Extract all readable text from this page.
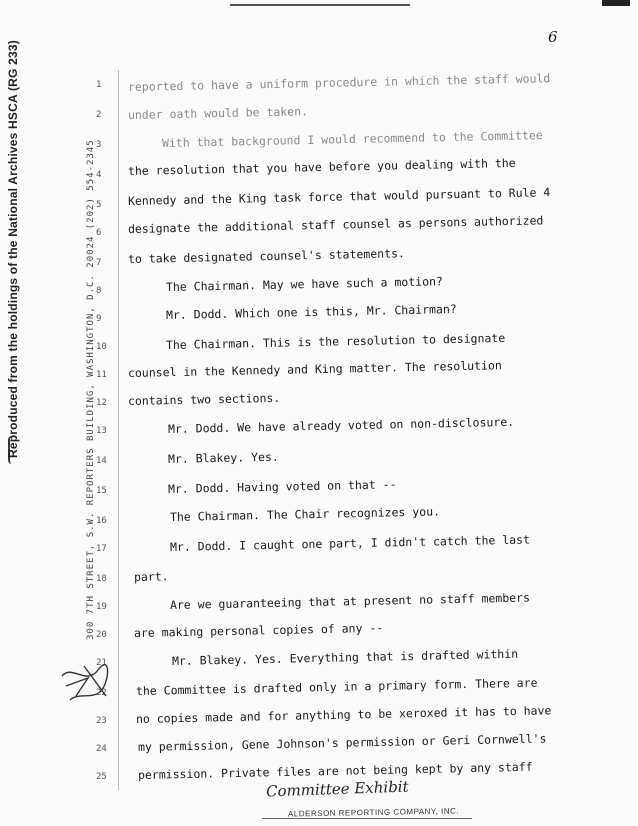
6
Reproduced from the holdings of the National Archives HSCA (RG 233)	300 7TH STREET, S.W. REPORTERS BUILDING, WASHINGTON, D.C. 20024 (202) 554-2345
1
2
3
4
5
6
7
8
9
10
11
12
13
14
15
16
17
18
19
20
21
22
23
24
25
reported to have a uniform procedure in which the staff would
under oath would be taken.
With that background I would recommend to the Committee
the resolution that you have before you dealing with the
Kennedy and the King task force that would pursuant to Rule 4
designate the additional staff counsel as persons authorized
to take designated counsel's statements.
The Chairman. May we have such a motion?
Mr. Dodd. Which one is this, Mr. Chairman?
The Chairman. This is the resolution to designate
counsel in the Kennedy and King matter. The resolution
contains two sections.
Mr. Dodd. We have already voted on non-disclosure.
Mr. Blakey. Yes.
Mr. Dodd. Having voted on that --
The Chairman. The Chair recognizes you.
Mr. Dodd. I caught one part, I didn't catch the last
part.
Are we guaranteeing that at present no staff members
are making personal copies of any --
Mr. Blakey. Yes. Everything that is drafted within
the Committee is drafted only in a primary form. There are
no copies made and for anything to be xeroxed it has to have
my permission, Gene Johnson's permission or Geri Cornwell's
permission. Private files are not being kept by any staff
Committee Exhibit
ALDERSON REPORTING COMPANY, INC.
